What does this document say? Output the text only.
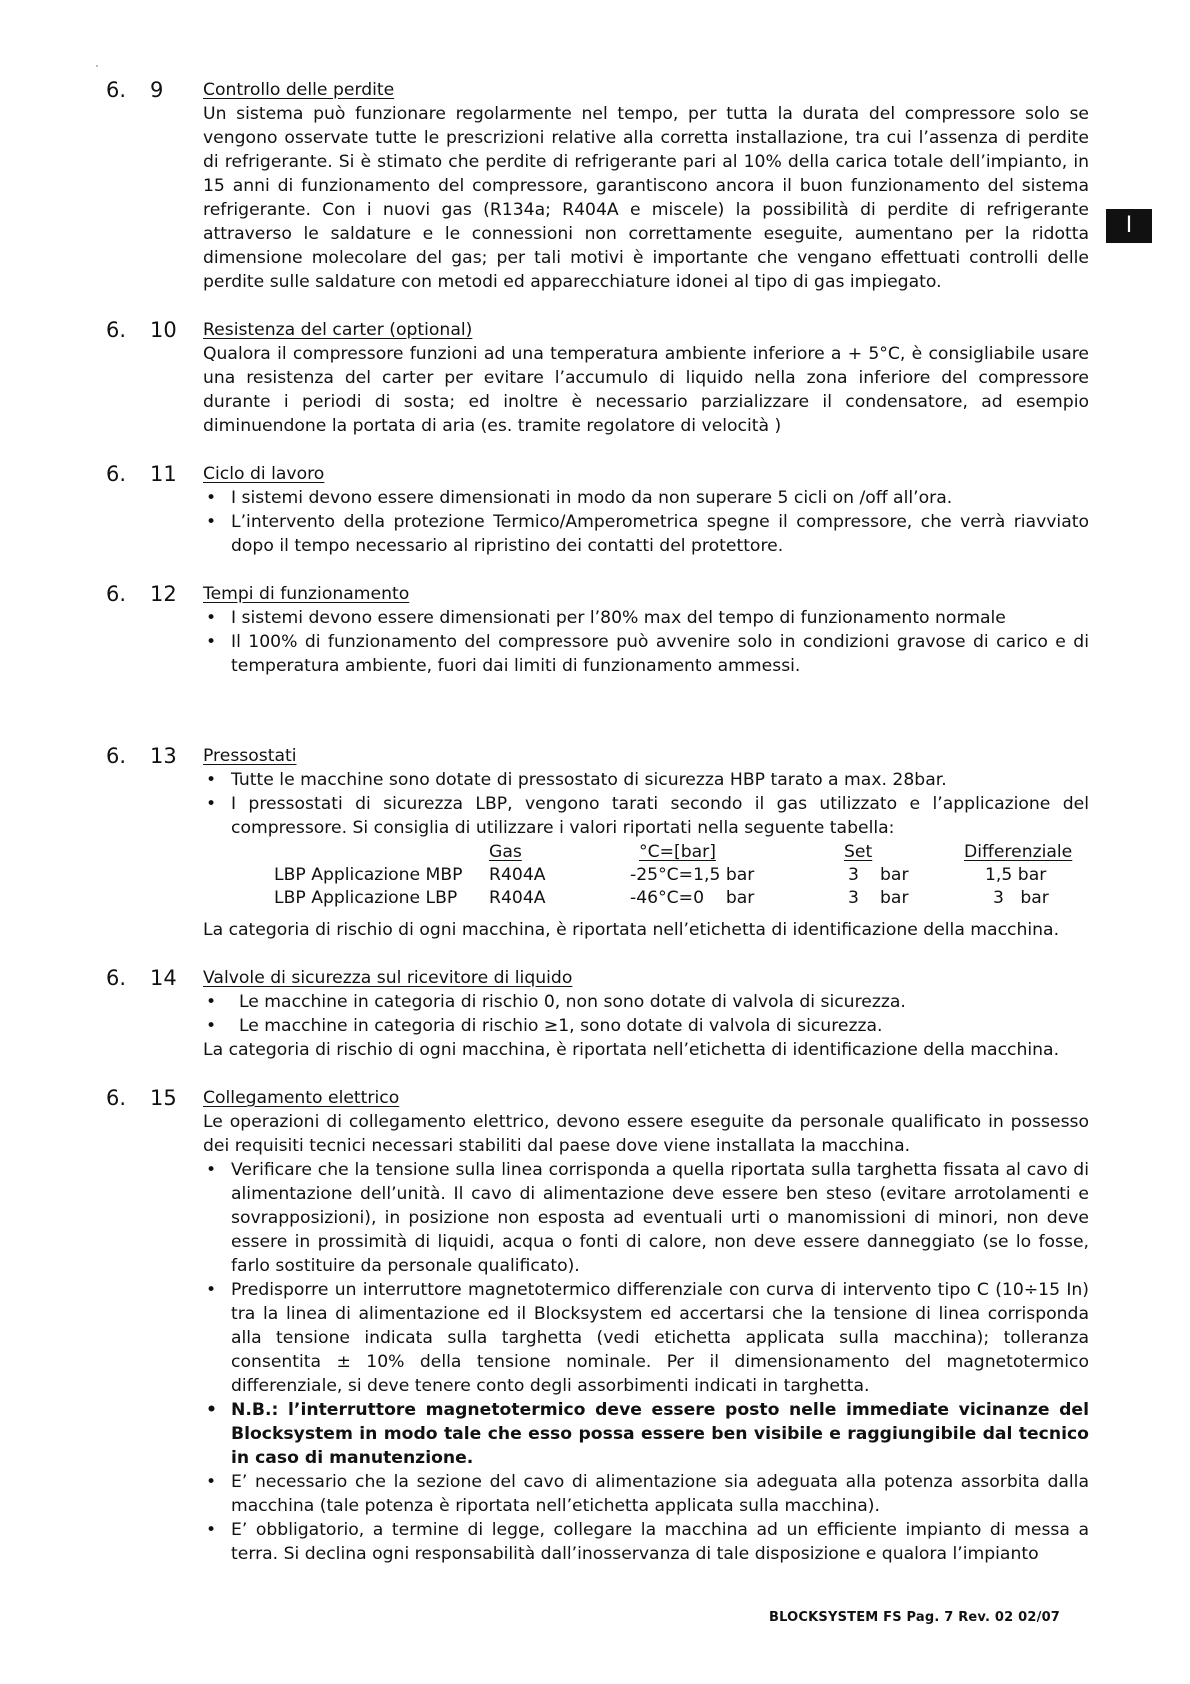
I
6. 9 Controllo delle perdite

Un sistema può funzionare regolarmente nel tempo, per tutta la durata del compressore solo se vengono osservate tutte le prescrizioni relative alla corretta installazione, tra cui l’assenza di perdite di refrigerante. Si è stimato che perdite di refrigerante pari al 10% della carica totale dell’impianto, in 15 anni di funzionamento del compressore, garantiscono ancora il buon funzionamento del sistema refrigerante. Con i nuovi gas (R134a; R404A e miscele) la possibilità di perdite di refrigerante attraverso le saldature e le connessioni non correttamente eseguite, aumentano per la ridotta dimensione molecolare del gas; per tali motivi è importante che vengano effettuati controlli delle perdite sulle saldature con metodi ed apparecchiature idonei al tipo di gas impiegato.

6. 10 Resistenza del carter (optional)

Qualora il compressore funzioni ad una temperatura ambiente inferiore a + 5°C, è consigliabile usare una resistenza del carter per evitare l’accumulo di liquido nella zona inferiore del compressore durante i periodi di sosta; ed inoltre è necessario parzializzare il condensatore, ad esempio diminuendone la portata di aria (es. tramite regolatore di velocità )

6. 11 Ciclo di lavoro
• I sistemi devono essere dimensionati in modo da non superare 5 cicli on /off all’ora.
• L’intervento della protezione Termico/Amperometrica spegne il compressore, che verrà riavviato dopo il tempo necessario al ripristino dei contatti del protettore.
6. 12 Tempi di funzionamento
• I sistemi devono essere dimensionati per l’80% max del tempo di funzionamento normale
• Il 100% di funzionamento del compressore può avvenire solo in condizioni gravose di carico e di temperatura ambiente, fuori dai limiti di funzionamento ammessi.
6. 13 Pressostati
• Tutte le macchine sono dotate di pressostato di sicurezza HBP tarato a max. 28bar.
• I pressostati di sicurezza LBP, vengono tarati secondo il gas utilizzato e l’applicazione del compressore. Si consiglia di utilizzare i valori riportati nella seguente tabella:
Gas	°C=[bar]	Set	Differenziale
LBP Applicazione MBP R404A	-25°C=1,5 bar	3 bar	1,5 bar
LBP Applicazione LBP R404A	-46°C=0    bar	3 bar	3   bar

La categoria di rischio di ogni macchina, è riportata nell’etichetta di identificazione della macchina.

6. 14 Valvole di sicurezza sul ricevitore di liquido
• Le macchine in categoria di rischio 0, non sono dotate di valvola di sicurezza.
• Le macchine in categoria di rischio ≥1, sono dotate di valvola di sicurezza.

La categoria di rischio di ogni macchina, è riportata nell’etichetta di identificazione della macchina.

6. 15 Collegamento elettrico

Le operazioni di collegamento elettrico, devono essere eseguite da personale qualificato in possesso dei requisiti tecnici necessari stabiliti dal paese dove viene installata la macchina.

• Verificare che la tensione sulla linea corrisponda a quella riportata sulla targhetta fissata al cavo di alimentazione dell’unità. Il cavo di alimentazione deve essere ben steso (evitare arrotolamenti e sovrapposizioni), in posizione non esposta ad eventuali urti o manomissioni di minori, non deve essere in prossimità di liquidi, acqua o fonti di calore, non deve essere danneggiato (se lo fosse, farlo sostituire da personale qualificato).
• Predisporre un interruttore magnetotermico differenziale con curva di intervento tipo C (10÷15 In) tra la linea di alimentazione ed il Blocksystem ed accertarsi che la tensione di linea corrisponda alla tensione indicata sulla targhetta (vedi etichetta applicata sulla macchina); tolleranza consentita ± 10% della tensione nominale. Per il dimensionamento del magnetotermico differenziale, si deve tenere conto degli assorbimenti indicati in targhetta.
• N.B.: l’interruttore magnetotermico deve essere posto nelle immediate vicinanze del Blocksystem in modo tale che esso possa essere ben visibile e raggiungibile dal tecnico in caso di manutenzione.
• E’ necessario che la sezione del cavo di alimentazione sia adeguata alla potenza assorbita dalla macchina (tale potenza è riportata nell’etichetta applicata sulla macchina).
• E’ obbligatorio, a termine di legge, collegare la macchina ad un efficiente impianto di messa a terra. Si declina ogni responsabilità dall’inosservanza di tale disposizione e qualora l’impianto
BLOCKSYSTEM FS Pag. 7 Rev. 02 02/07
